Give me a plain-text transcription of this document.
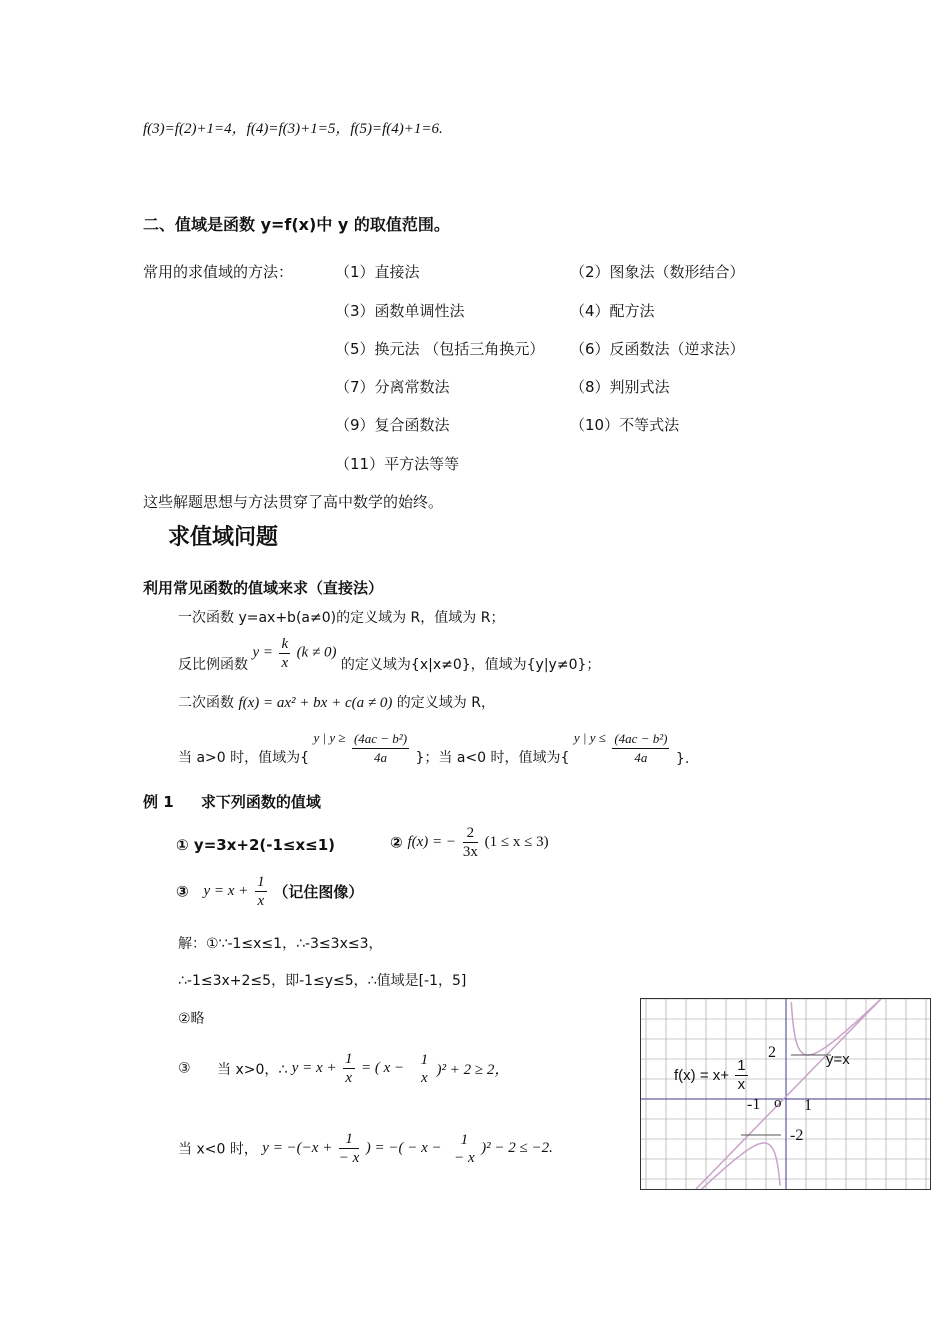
f(3)=f(2)+1=4，f(4)=f(3)+1=5，f(5)=f(4)+1=6.
二、值域是函数 y=f(x)中 y 的取值范围。
常用的求值域的方法：	（1）直接法	（2）图象法（数形结合）
（3）函数单调性法	（4）配方法
（5）换元法 （包括三角换元） （6）反函数法（逆求法）
（7）分离常数法	（8）判别式法
（9）复合函数法	（10）不等式法
（11）平方法等等
这些解题思想与方法贯穿了高中数学的始终。
求值域问题
利用常见函数的值域来求（直接法）
一次函数 y=ax+b(a≠0)的定义域为 R，值域为 R；
反比例函数 $y = \frac{k}{x} (k \ne 0)$ 的定义域为{x|x≠0}，值域为{y|y≠0}；
二次函数 f(x) = ax² + bx + c(a ≠ 0) 的定义域为 R，
当 a>0 时，值域为{ y | $y \ge \frac{\text{(4ac − b²)}}{4a}$ }；当 a<0 时，值域为{ y | $y \le \frac{\text{(4ac − b²)}}{4a}$ }.
例 1 求下列函数的值域
① y=3x+2(-1≤x≤1)	② f(x) = − $\frac{2}{3x} (1 \le x \le 3)$
③ $y = x + \frac{1}{x}$ （记住图像）
解：①∵-1≤x≤1，∴-3≤3x≤3，
∴-1≤3x+2≤5，即-1≤y≤5，∴值域是[-1，5]
②略
③ 当 x>0，∴ $y = x + \frac{1}{x}$ = ( x −
1
x )² + 2 ≥ 2，
当 x<0 时， $y = -(-x + \frac{1}{- x}$ ) = −( − x −
1
− x
)² − 2 ≤ −2.
$f(x) = x+ \frac{1}{x}$	y=x
2
-2
-1	1
o
